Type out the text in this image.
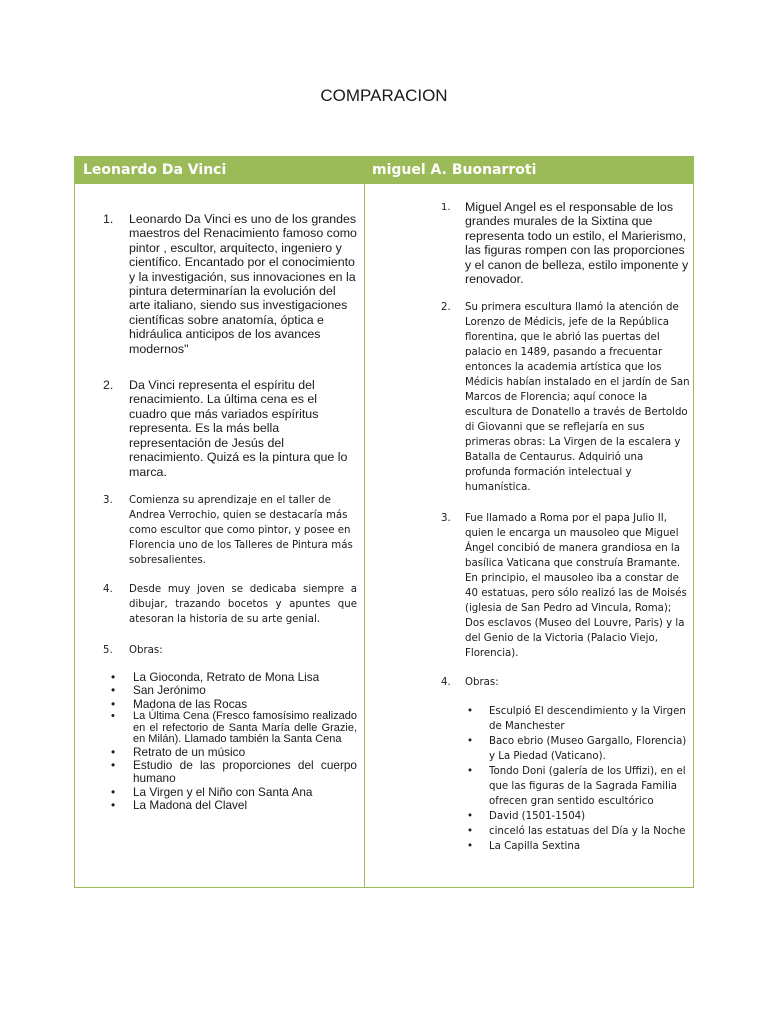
COMPARACION
Leonardo Da Vinci	miguel A. Buonarroti
1. Leonardo Da Vinci es uno de los grandes maestros del Renacimiento famoso como pintor , escultor, arquitecto, ingeniero y científico. Encantado por el conocimiento y la investigación, sus innovaciones en la pintura determinarían la evolución del arte italiano, siendo sus investigaciones científicas sobre anatomía, óptica e hidráulica anticipos de los avances modernos"
2. Da Vinci representa el espíritu del renacimiento. La última cena es el cuadro que más variados espíritus representa. Es la más bella representación de Jesús del renacimiento. Quizá es la pintura que lo marca.
3. Comienza su aprendizaje en el taller de Andrea Verrochio, quien se destacaría más como escultor que como pintor, y posee en Florencia uno de los Talleres de Pintura más sobresalientes.
4. Desde muy joven se dedicaba siempre a dibujar, trazando bocetos y apuntes que atesoran la historia de su arte genial.
5. Obras:
• La Gioconda, Retrato de Mona Lisa
• San Jerónimo
• Madona de las Rocas
• La Última Cena (Fresco famosísimo realizado en el refectorio de Santa María delle Grazie, en Milán). Llamado también la Santa Cena
• Retrato de un músico
• Estudio de las proporciones del cuerpo humano
• La Virgen y el Niño con Santa Ana
• La Madona del Clavel
1. Miguel Angel es el responsable de los grandes murales de la Sixtina que representa todo un estilo, el Marierismo, las figuras rompen con las proporciones y el canon de belleza, estilo imponente y renovador.
2. Su primera escultura llamó la atención de Lorenzo de Médicis, jefe de la República florentina, que le abrió las puertas del palacio en 1489, pasando a frecuentar entonces la academia artística que los Médicis habían instalado en el jardín de San Marcos de Florencia; aquí conoce la escultura de Donatello a través de Bertoldo di Giovanni que se reflejaría en sus primeras obras: La Virgen de la escalera y Batalla de Centaurus. Adquirió una profunda formación intelectual y humanística.
3. Fue llamado a Roma por el papa Julio II, quien le encarga un mausoleo que Miguel Ángel concibió de manera grandiosa en la basílica Vaticana que construía Bramante. En principio, el mausoleo iba a constar de 40 estatuas, pero sólo realizó las de Moisés (iglesia de San Pedro ad Vincula, Roma); Dos esclavos (Museo del Louvre, Paris) y la del Genio de la Victoria (Palacio Viejo, Florencia).
4. Obras:
• Esculpió El descendimiento y la Virgen de Manchester
• Baco ebrio (Museo Gargallo, Florencia) y La Piedad (Vaticano).
• Tondo Doni (galería de los Uffizi), en el que las figuras de la Sagrada Familia ofrecen gran sentido escultórico
• David (1501-1504)
• cinceló las estatuas del Día y la Noche
• La Capilla Sextina
